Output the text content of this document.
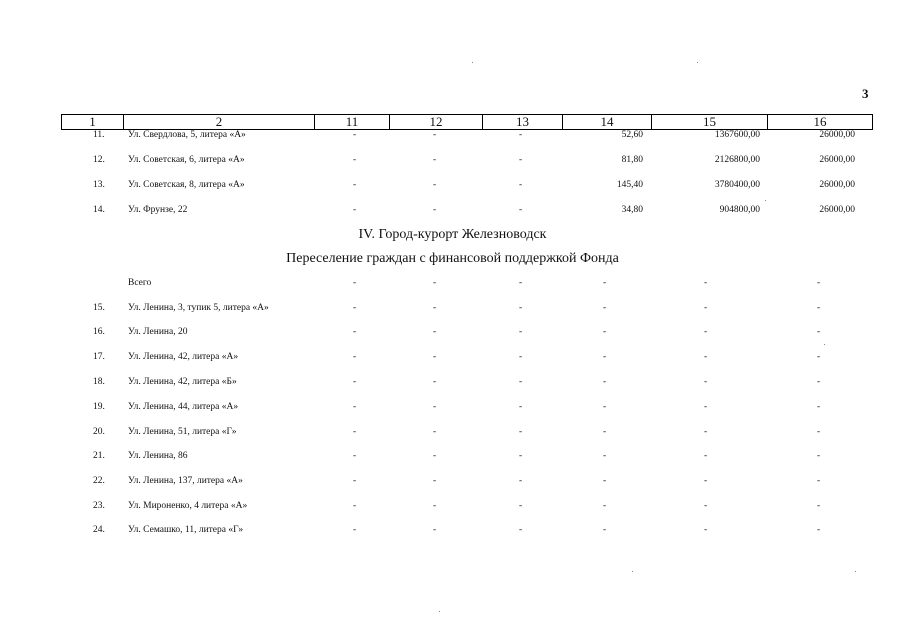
3
1	2	11	12	13	14	15	16
11. Ул. Свердлова, 5, литера «А»	-	-	-	52,60	1367600,00	26000,00
12. Ул. Советская, 6, литера «А»	-	-	-	81,80	2126800,00	26000,00
13. Ул. Советская, 8, литера «А»	-	-	-	145,40	3780400,00	26000,00
14. Ул. Фрунзе, 22	-	-	-	34,80	904800,00	26000,00
IV. Город-курорт Железноводск
Переселение граждан с финансовой поддержкой Фонда
Всего	-	-	-	-	-	-
15. Ул. Ленина, 3, тупик 5, литера «А»	-	-	-	-	-	-
16. Ул. Ленина, 20	-	-	-	-	-	-
17. Ул. Ленина, 42, литера «А»	-	-	-	-	-	-
18. Ул. Ленина, 42, литера «Б»	-	-	-	-	-	-
19. Ул. Ленина, 44, литера «А»	-	-	-	-	-	-
20. Ул. Ленина, 51, литера «Г»	-	-	-	-	-	-
21. Ул. Ленина, 86	-	-	-	-	-	-
22. Ул. Ленина, 137, литера «А»	-	-	-	-	-	-
23. Ул. Мироненко, 4 литера «А»	-	-	-	-	-	-
24. Ул. Семашко, 11, литера «Г»	-	-	-	-	-	-
